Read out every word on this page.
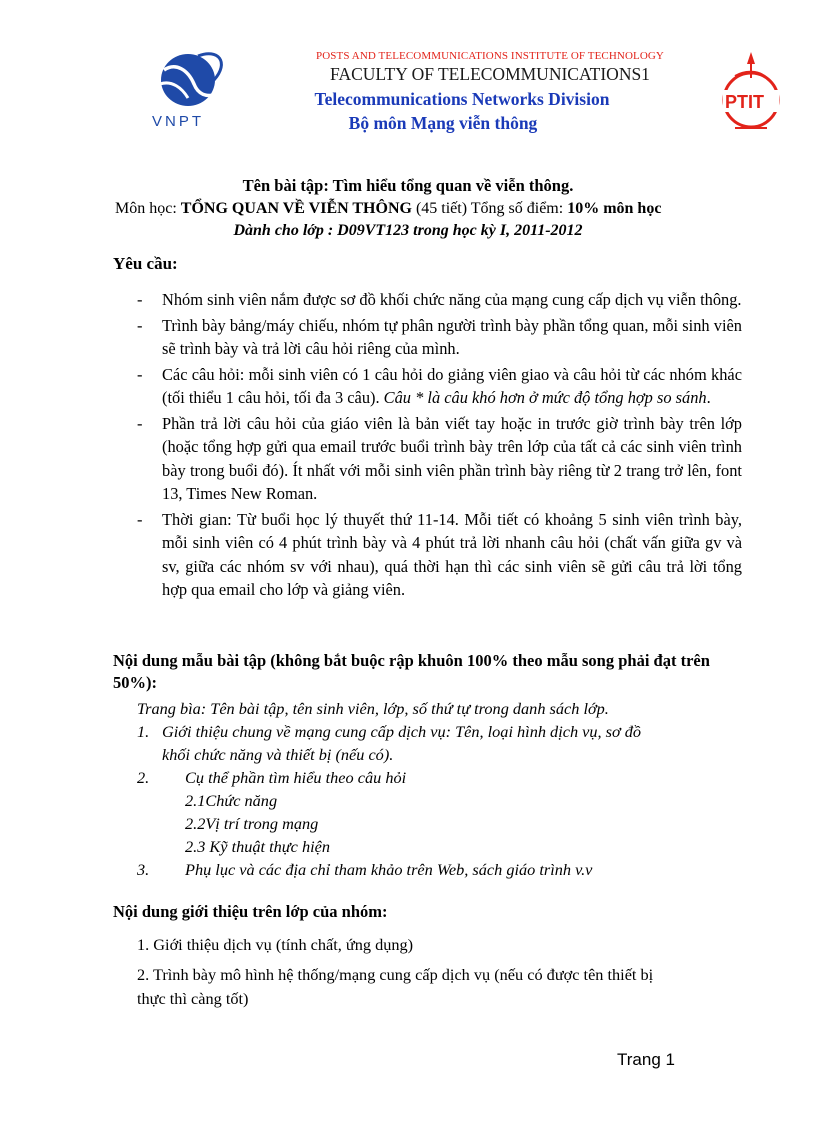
VNPT
POSTS AND TELECOMMUNICATIONS INSTITUTE OF TECHNOLOGY
FACULTY OF TELECOMMUNICATIONS1
Telecommunications Networks Division
Bộ môn Mạng viễn thông
PTIT
Tên bài tập: Tìm hiểu tổng quan về viễn thông.
Môn học: TỔNG QUAN VỀ VIỄN THÔNG (45 tiết) Tổng số điểm: 10% môn học
Dành cho lớp : D09VT123 trong học kỳ I, 2011-2012
Yêu cầu:
- Nhóm sinh viên nắm được sơ đồ khối chức năng của mạng cung cấp dịch vụ viễn thông.
- Trình bày bảng/máy chiếu, nhóm tự phân người trình bày phần tổng quan, mỗi sinh viên sẽ trình bày và trả lời câu hỏi riêng của mình.
- Các câu hỏi: mỗi sinh viên có 1 câu hỏi do giảng viên giao và câu hỏi từ các nhóm khác (tối thiểu 1 câu hỏi, tối đa 3 câu). Câu * là câu khó hơn ở mức độ tổng hợp so sánh.
- Phần trả lời câu hỏi của giáo viên là bản viết tay hoặc in trước giờ trình bày trên lớp (hoặc tổng hợp gửi qua email trước buổi trình bày trên lớp của tất cả các sinh viên trình bày trong buổi đó). Ít nhất với mỗi sinh viên phần trình bày riêng từ 2 trang trở lên, font 13, Times New Roman.
- Thời gian: Từ buổi học lý thuyết thứ 11-14. Mỗi tiết có khoảng 5 sinh viên trình bày, mỗi sinh viên có 4 phút trình bày và 4 phút trả lời nhanh câu hỏi (chất vấn giữa gv và sv, giữa các nhóm sv với nhau), quá thời hạn thì các sinh viên sẽ gửi câu trả lời tổng hợp qua email cho lớp và giảng viên.
Nội dung mẫu bài tập (không bắt buộc rập khuôn 100% theo mẫu song phải đạt trên 50%):
Trang bìa: Tên bài tập, tên sinh viên, lớp, số thứ tự trong danh sách lớp.
1. Giới thiệu chung về mạng cung cấp dịch vụ: Tên, loại hình dịch vụ, sơ đồ
khối chức năng và thiết bị (nếu có).
2. Cụ thể phần tìm hiểu theo câu hỏi
2.1Chức năng
2.2Vị trí trong mạng
2.3 Kỹ thuật thực hiện
3. Phụ lục và các địa chỉ tham khảo trên Web, sách giáo trình v.v
Nội dung giới thiệu trên lớp của nhóm:
1. Giới thiệu dịch vụ (tính chất, ứng dụng)
2. Trình bày mô hình hệ thống/mạng cung cấp dịch vụ (nếu có được tên thiết bị
thực thì càng tốt)
Trang 1
